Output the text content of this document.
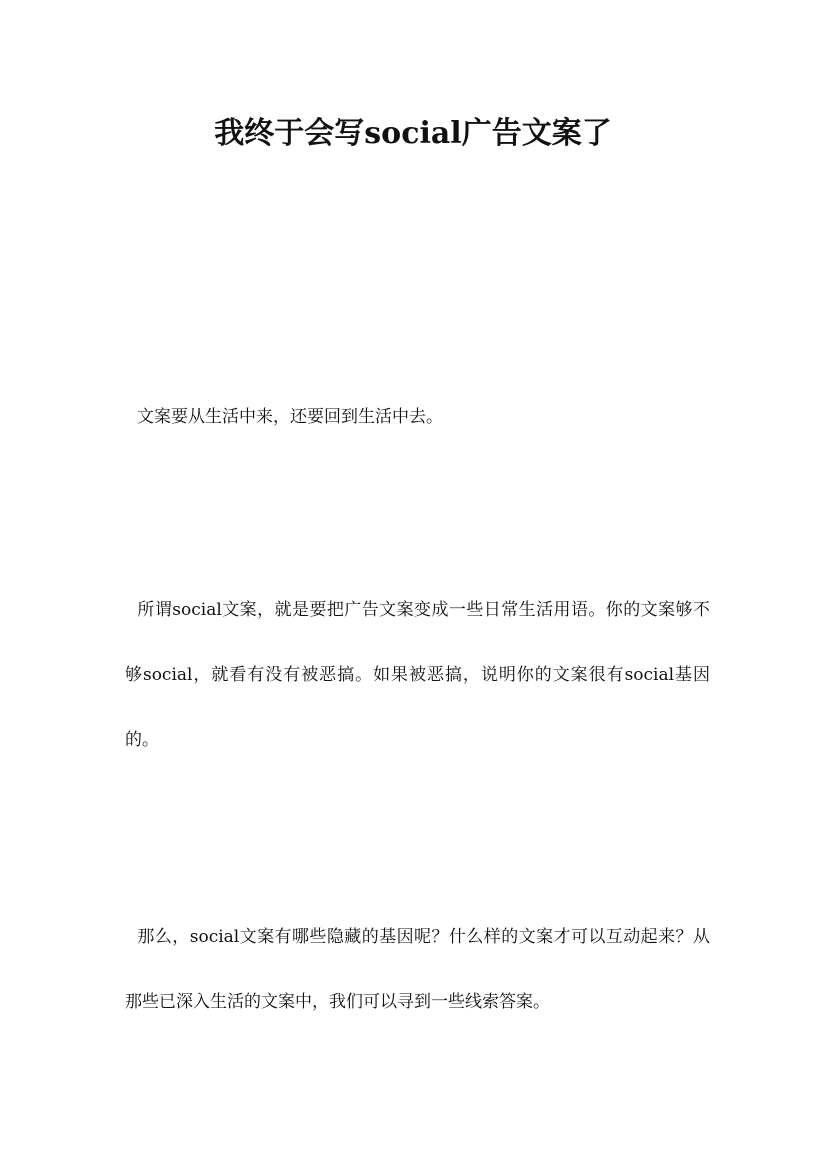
我终于会写social广告文案了

文案要从生活中来，还要回到生活中去。

所谓social文案，就是要把广告文案变成一些日常生活用语。你的文案够不够social，就看有没有被恶搞。如果被恶搞，说明你的文案很有social基因的。

那么，social文案有哪些隐藏的基因呢？什么样的文案才可以互动起来？从那些已深入生活的文案中，我们可以寻到一些线索答案。
